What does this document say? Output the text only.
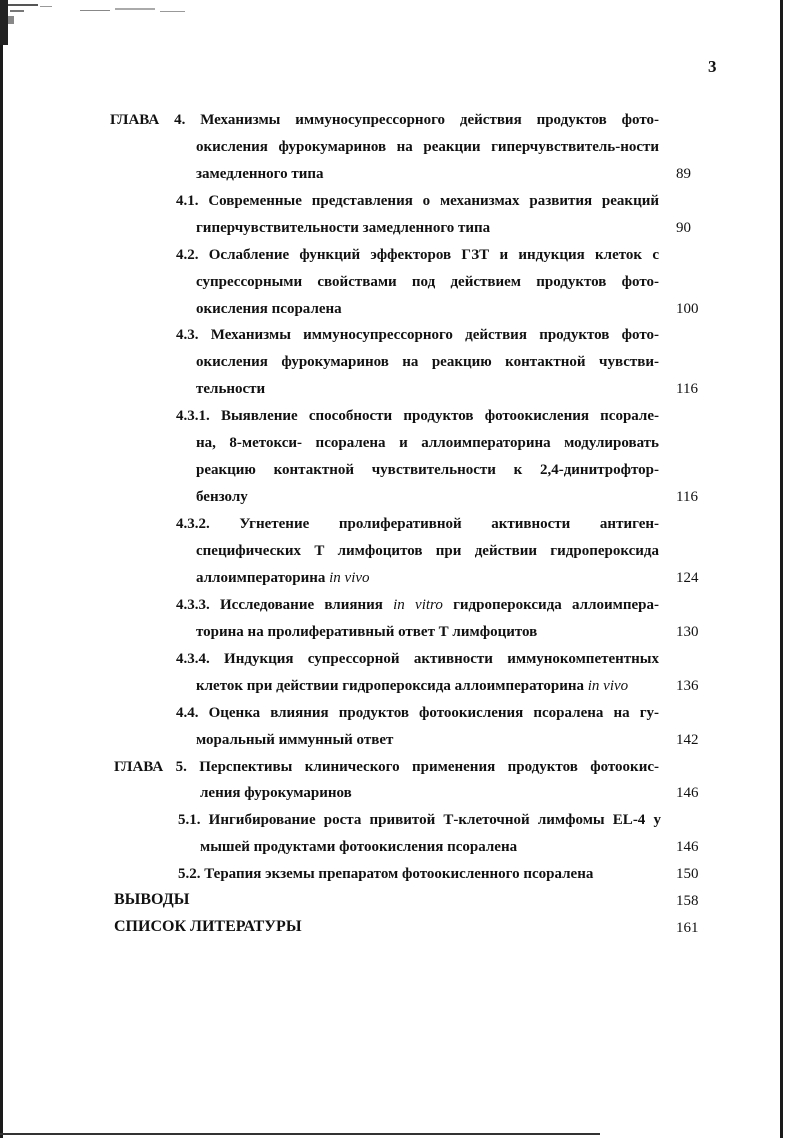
3
ГЛАВА 4. Механизмы иммуносупрессорного действия продуктов фото-
окисления фурокумаринов на реакции гиперчувствитель-ности
замедленного типа	89
4.1. Современные представления о механизмах развития реакций
гиперчувствительности замедленного типа	90
4.2. Ослабление функций эффекторов ГЗТ и индукция клеток с
супрессорными свойствами под действием продуктов фото-
окисления псоралена	100
4.3. Механизмы иммуносупрессорного действия продуктов фото-
окисления фурокумаринов на реакцию контактной чувстви-
тельности	116
4.3.1. Выявление способности продуктов фотоокисления псорале-
на, 8-метокси- псоралена и аллоимператорина модулировать
реакцию контактной чувствительности к 2,4-динитрофтор-
бензолу	116
4.3.2. Угнетение пролиферативной активности антиген-
специфических Т лимфоцитов при действии гидропероксида
аллоимператорина in vivo	124
4.3.3. Исследование влияния in vitro гидропероксида аллоимпера-
торина на пролиферативный ответ Т лимфоцитов	130
4.3.4. Индукция супрессорной активности иммунокомпетентных
клеток при действии гидропероксида аллоимператорина in vivo	136
4.4. Оценка влияния продуктов фотоокисления псоралена на гу-
моральный иммунный ответ	142
ГЛАВА 5. Перспективы клинического применения продуктов фотоокис-
ления фурокумаринов	146
5.1. Ингибирование роста привитой Т-клеточной лимфомы EL-4 у
мышей продуктами фотоокисления псоралена	146
5.2. Терапия экземы препаратом фотоокисленного псоралена	150
ВЫВОДЫ	158
СПИСОК ЛИТЕРАТУРЫ	161
